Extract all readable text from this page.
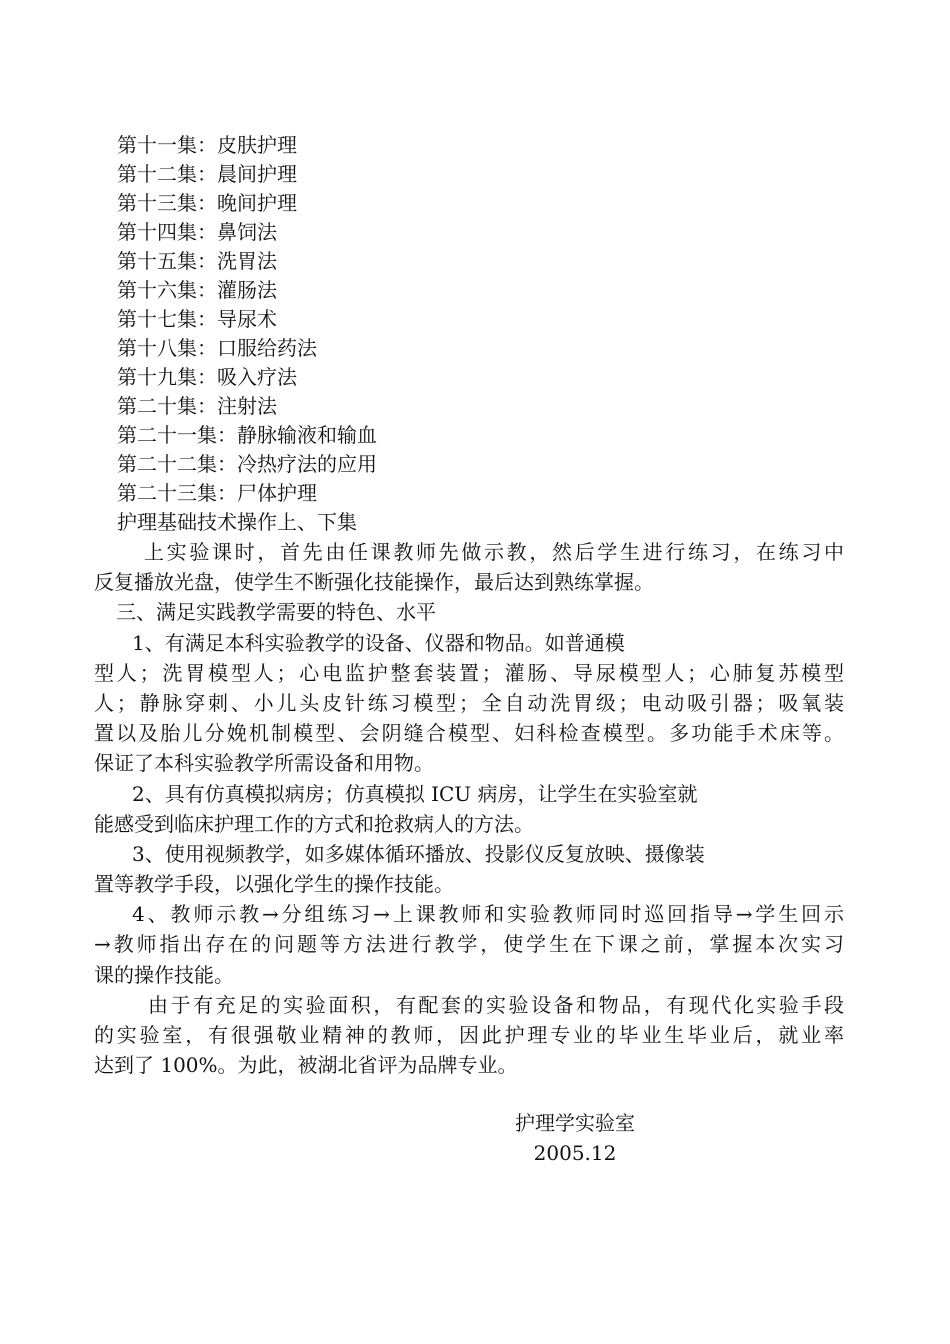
第十一集：皮肤护理
第十二集：晨间护理
第十三集：晚间护理
第十四集：鼻饲法
第十五集：洗胃法
第十六集：灌肠法
第十七集：导尿术
第十八集：口服给药法
第十九集：吸入疗法
第二十集：注射法
第二十一集：静脉输液和输血
第二十二集：冷热疗法的应用
第二十三集：尸体护理
护理基础技术操作上、下集
上实验课时，首先由任课教师先做示教，然后学生进行练习，在练习中
反复播放光盘，使学生不断强化技能操作，最后达到熟练掌握。
三、满足实践教学需要的特色、水平
1、有满足本科实验教学的设备、仪器和物品。如普通模
型人；洗胃模型人；心电监护整套装置；灌肠、导尿模型人；心肺复苏模型
人；静脉穿刺、小儿头皮针练习模型；全自动洗胃级；电动吸引器；吸氧装
置以及胎儿分娩机制模型、会阴缝合模型、妇科检查模型。多功能手术床等。
保证了本科实验教学所需设备和用物。
2、具有仿真模拟病房；仿真模拟 ICU 病房，让学生在实验室就
能感受到临床护理工作的方式和抢救病人的方法。
3、使用视频教学，如多媒体循环播放、投影仪反复放映、摄像装
置等教学手段，以强化学生的操作技能。
4、教师示教→分组练习→上课教师和实验教师同时巡回指导→学生回示
→教师指出存在的问题等方法进行教学，使学生在下课之前，掌握本次实习
课的操作技能。
由于有充足的实验面积，有配套的实验设备和物品，有现代化实验手段
的实验室，有很强敬业精神的教师，因此护理专业的毕业生毕业后，就业率
达到了 100%。为此，被湖北省评为品牌专业。
护理学实验室
2005.12
